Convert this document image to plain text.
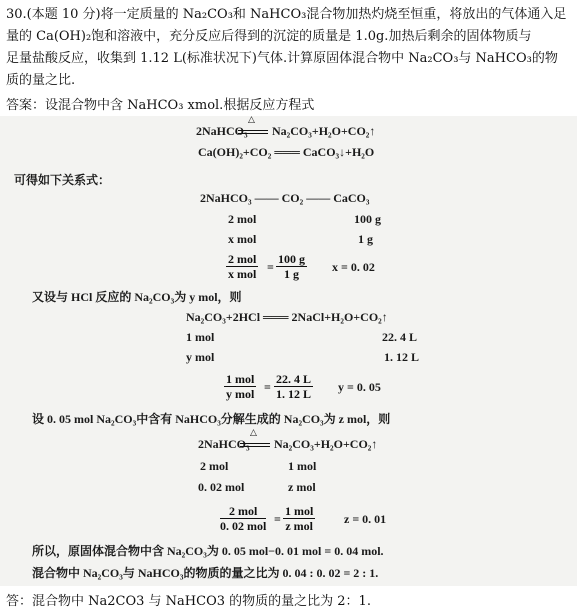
30.(本题 10 分)将一定质量的 Na₂CO₃和 NaHCO₃混合物加热灼烧至恒重，将放出的气体通入足
量的 Ca(OH)₂饱和溶液中，充分反应后得到的沉淀的质量是 1.0g.加热后剩余的固体物质与
足量盐酸反应，收集到 1.12 L(标准状况下)气体.计算原固体混合物中 Na₂CO₃与 NaHCO₃的物
质的量之比.
答案：设混合物中含 NaHCO₃ xmol.根据反应方程式
2NaHCO₃
△
Na₂CO₃+H₂O+CO₂↑
Ca(OH)₂+CO₂ ═══ CaCO₃↓+H₂O
可得如下关系式：
2NaHCO₃ —— CO₂ —— CaCO₃
2 mol	100 g
x mol	1 g
2 mol
x mol = $\frac{100 g}{1 g}$ x = 0. 02
又设与 HCl 反应的 Na₂CO₃为 y mol，则
Na₂CO₃+2HCl ═══ 2NaCl+H₂O+CO₂↑
1 mol	22. 4 L
y mol	1. 12 L
1 mol
y mol = $\frac{22. 4 L}{1. 12 L}$ y = 0. 05
设 0. 05 mol Na₂CO₃中含有 NaHCO₃分解生成的 Na₂CO₃为 z mol，则
2NaHCO₃
△
Na₂CO₃+H₂O+CO₂↑
2 mol	1 mol
0. 02 mol	z mol
2 mol
0. 02 mol =
1 mol
z mol	z = 0. 01
所以，原固体混合物中含 Na₂CO₃为 0. 05 mol−0. 01 mol = 0. 04 mol.
混合物中 Na₂CO₃与 NaHCO₃的物质的量之比为 0. 04 : 0. 02 = 2 : 1.
答：混合物中 Na2CO3 与 NaHCO3 的物质的量之比为 2：1.
